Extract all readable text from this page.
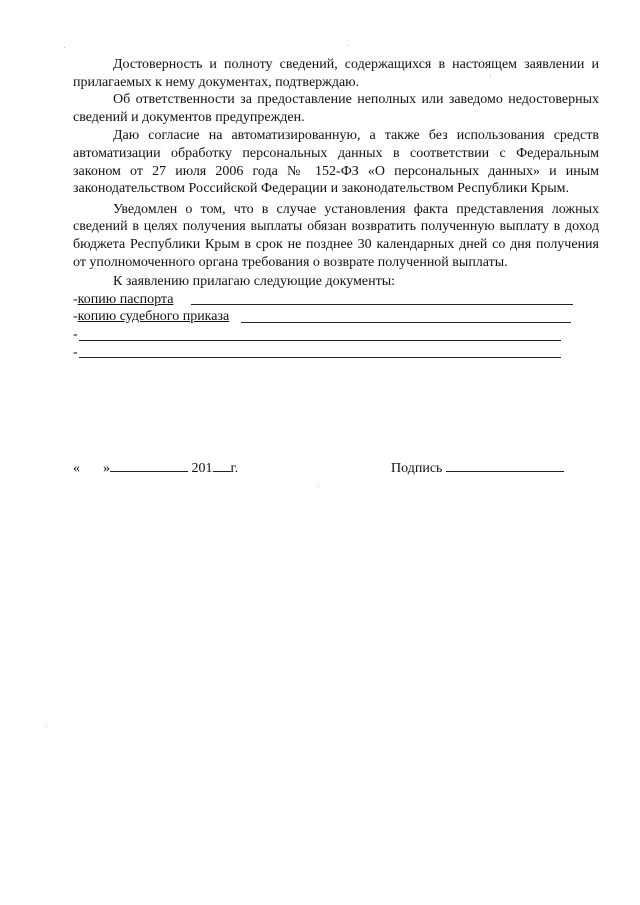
Достоверность и полноту сведений, содержащихся в настоящем заявлении и прилагаемых к нему документах, подтверждаю.

Об ответственности за предоставление неполных или заведомо недостоверных сведений и документов предупрежден.

Даю согласие на автоматизированную, а также без использования средств автоматизации обработку персональных данных в соответствии с Федеральным законом от 27 июля 2006 года № 152-ФЗ «О персональных данных» и иным законодательством Российской Федерации и законодательством Республики Крым.

Уведомлен о том, что в случае установления факта представления ложных сведений в целях получения выплаты обязан возвратить полученную выплату в доход бюджета Республики Крым в срок не позднее 30 календарных дней со дня получения от уполномоченного органа требования о возврате полученной выплаты.

К заявлению прилагаю следующие документы:

-копию паспорта
-копию судебного приказа
-
-
« »	201 г.	Подпись
